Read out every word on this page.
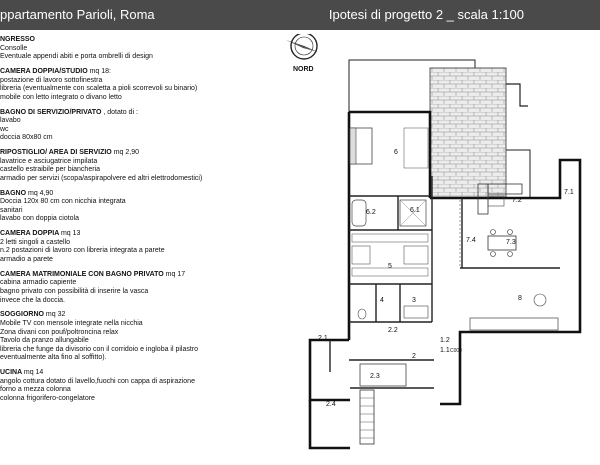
ppartamento Parioli, Roma	Ipotesi di progetto 2 _ scala 1:100
NGRESSO
Consolle
Eventuale appendi abiti e porta ombrelli di design
CAMERA DOPPIA/STUDIO mq 18:
postazione di lavoro sottofinestra
libreria (eventualmente con scaletta a pioli scorrevoli su binario)
mobile con letto integrato o divano letto
BAGNO DI SERVIZIO/PRIVATO , dotato di :
lavabo
wc
doccia 80x80 cm
RIPOSTIGLIO/ AREA DI SERVIZIO mq 2,90
lavatrice e asciugatrice impilata
castello estraibile per biancheria
armadio per servizi (scopa/aspirapolvere ed altri elettrodomestici)
BAGNO mq 4,90
Doccia 120x 80 cm con nicchia integrata
sanitari
lavabo con doppia ciotola
CAMERA DOPPIA mq 13
2 letti singoli a castello
n.2 postazioni di lavoro con libreria integrata a parete
armadio a parete
CAMERA MATRIMONIALE CON BAGNO PRIVATO mq 17
cabina armadio capiente
bagno privato con possibilità di inserire la vasca
invece che la doccia.
SOGGIORNO mq 32
Mobile TV con mensole integrate nella nicchia
Zona divani con pouf/poltroncina relax
Tavolo da pranzo allungabile
libreria che funge da divisorio con il corridoio e ingloba il pilastro
eventualmente alta fino al soffitto).
UCINA mq 14
angolo cottura dotato di lavello,fuochi con cappa di aspirazione
forno a mezza colonna
colonna frigorifero-congelatore
NORD
6
6.2	6.1
7.2
7.1
7.4	7.3
5
4	3	8
2.2
2.1	1.2
1.1
2
2.3
2.4
C000
